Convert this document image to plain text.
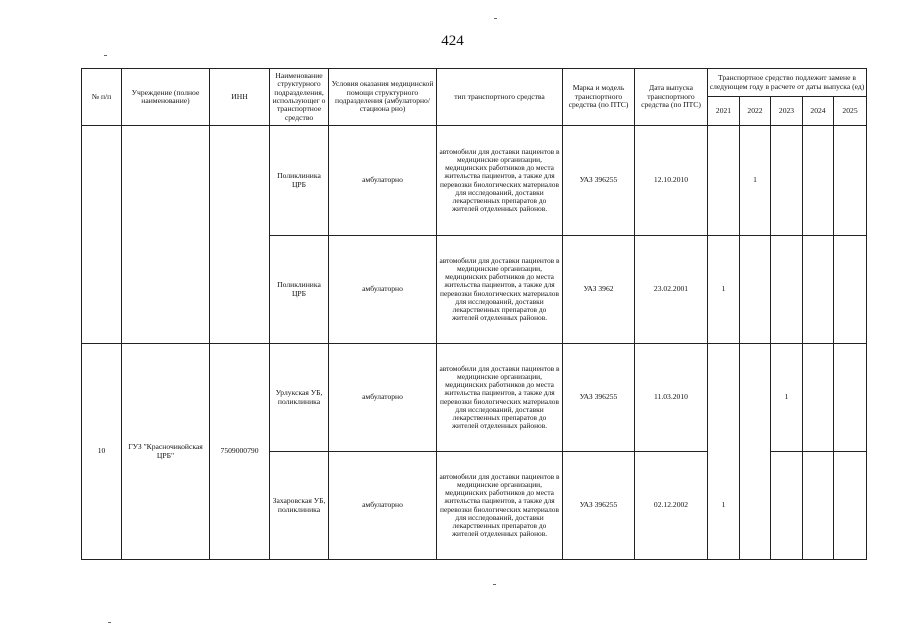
424
№ п/п	Учреждение (полное наименование)	ИНН	Наименование структурного подразделения, использующег о транспортное средство	Условия оказания медицинской помощи структурного подразделения (амбулаторно/стациона рно)	тип транспортного средства	Марка и модель транспортного средства (по ПТС)	Дата выпуска транспортного средства (по ПТС)	Транспортное средство подлежит замене в следующем году в расчете от даты выпуска (ед)				
								2021	2022	2023	2024	2025
			Поликлиника ЦРБ	амбулаторно	автомобили для доставки пациентов в медицинские организации, медицинских работников до места жительства пациентов, а также для перевозки биологических материалов для исследований, доставки лекарственных препаратов до жителей отделенных районов.	УАЗ 396255	12.10.2010		1			
			Поликлиника ЦРБ	амбулаторно	автомобили для доставки пациентов в медицинские организации, медицинских работников до места жительства пациентов, а также для перевозки биологических материалов для исследований, доставки лекарственных препаратов до жителей отделенных районов.	УАЗ 3962	23.02.2001	1				
10	ГУЗ "Красночикойская ЦРБ"	7509000790	Урлукская УБ, поликлиника	амбулаторно	автомобили для доставки пациентов в медицинские организации, медицинских работников до места жительства пациентов, а также для перевозки биологических материалов для исследований, доставки лекарственных препаратов до жителей отделенных районов.	УАЗ 396255	11.03.2010			1		
			Захаровская УБ, поликлиника	амбулаторно	автомобили для доставки пациентов в медицинские организации, медицинских работников до места жительства пациентов, а также для перевозки биологических материалов для исследований, доставки лекарственных препаратов до жителей отделенных районов.	УАЗ 396255	02.12.2002	1				
